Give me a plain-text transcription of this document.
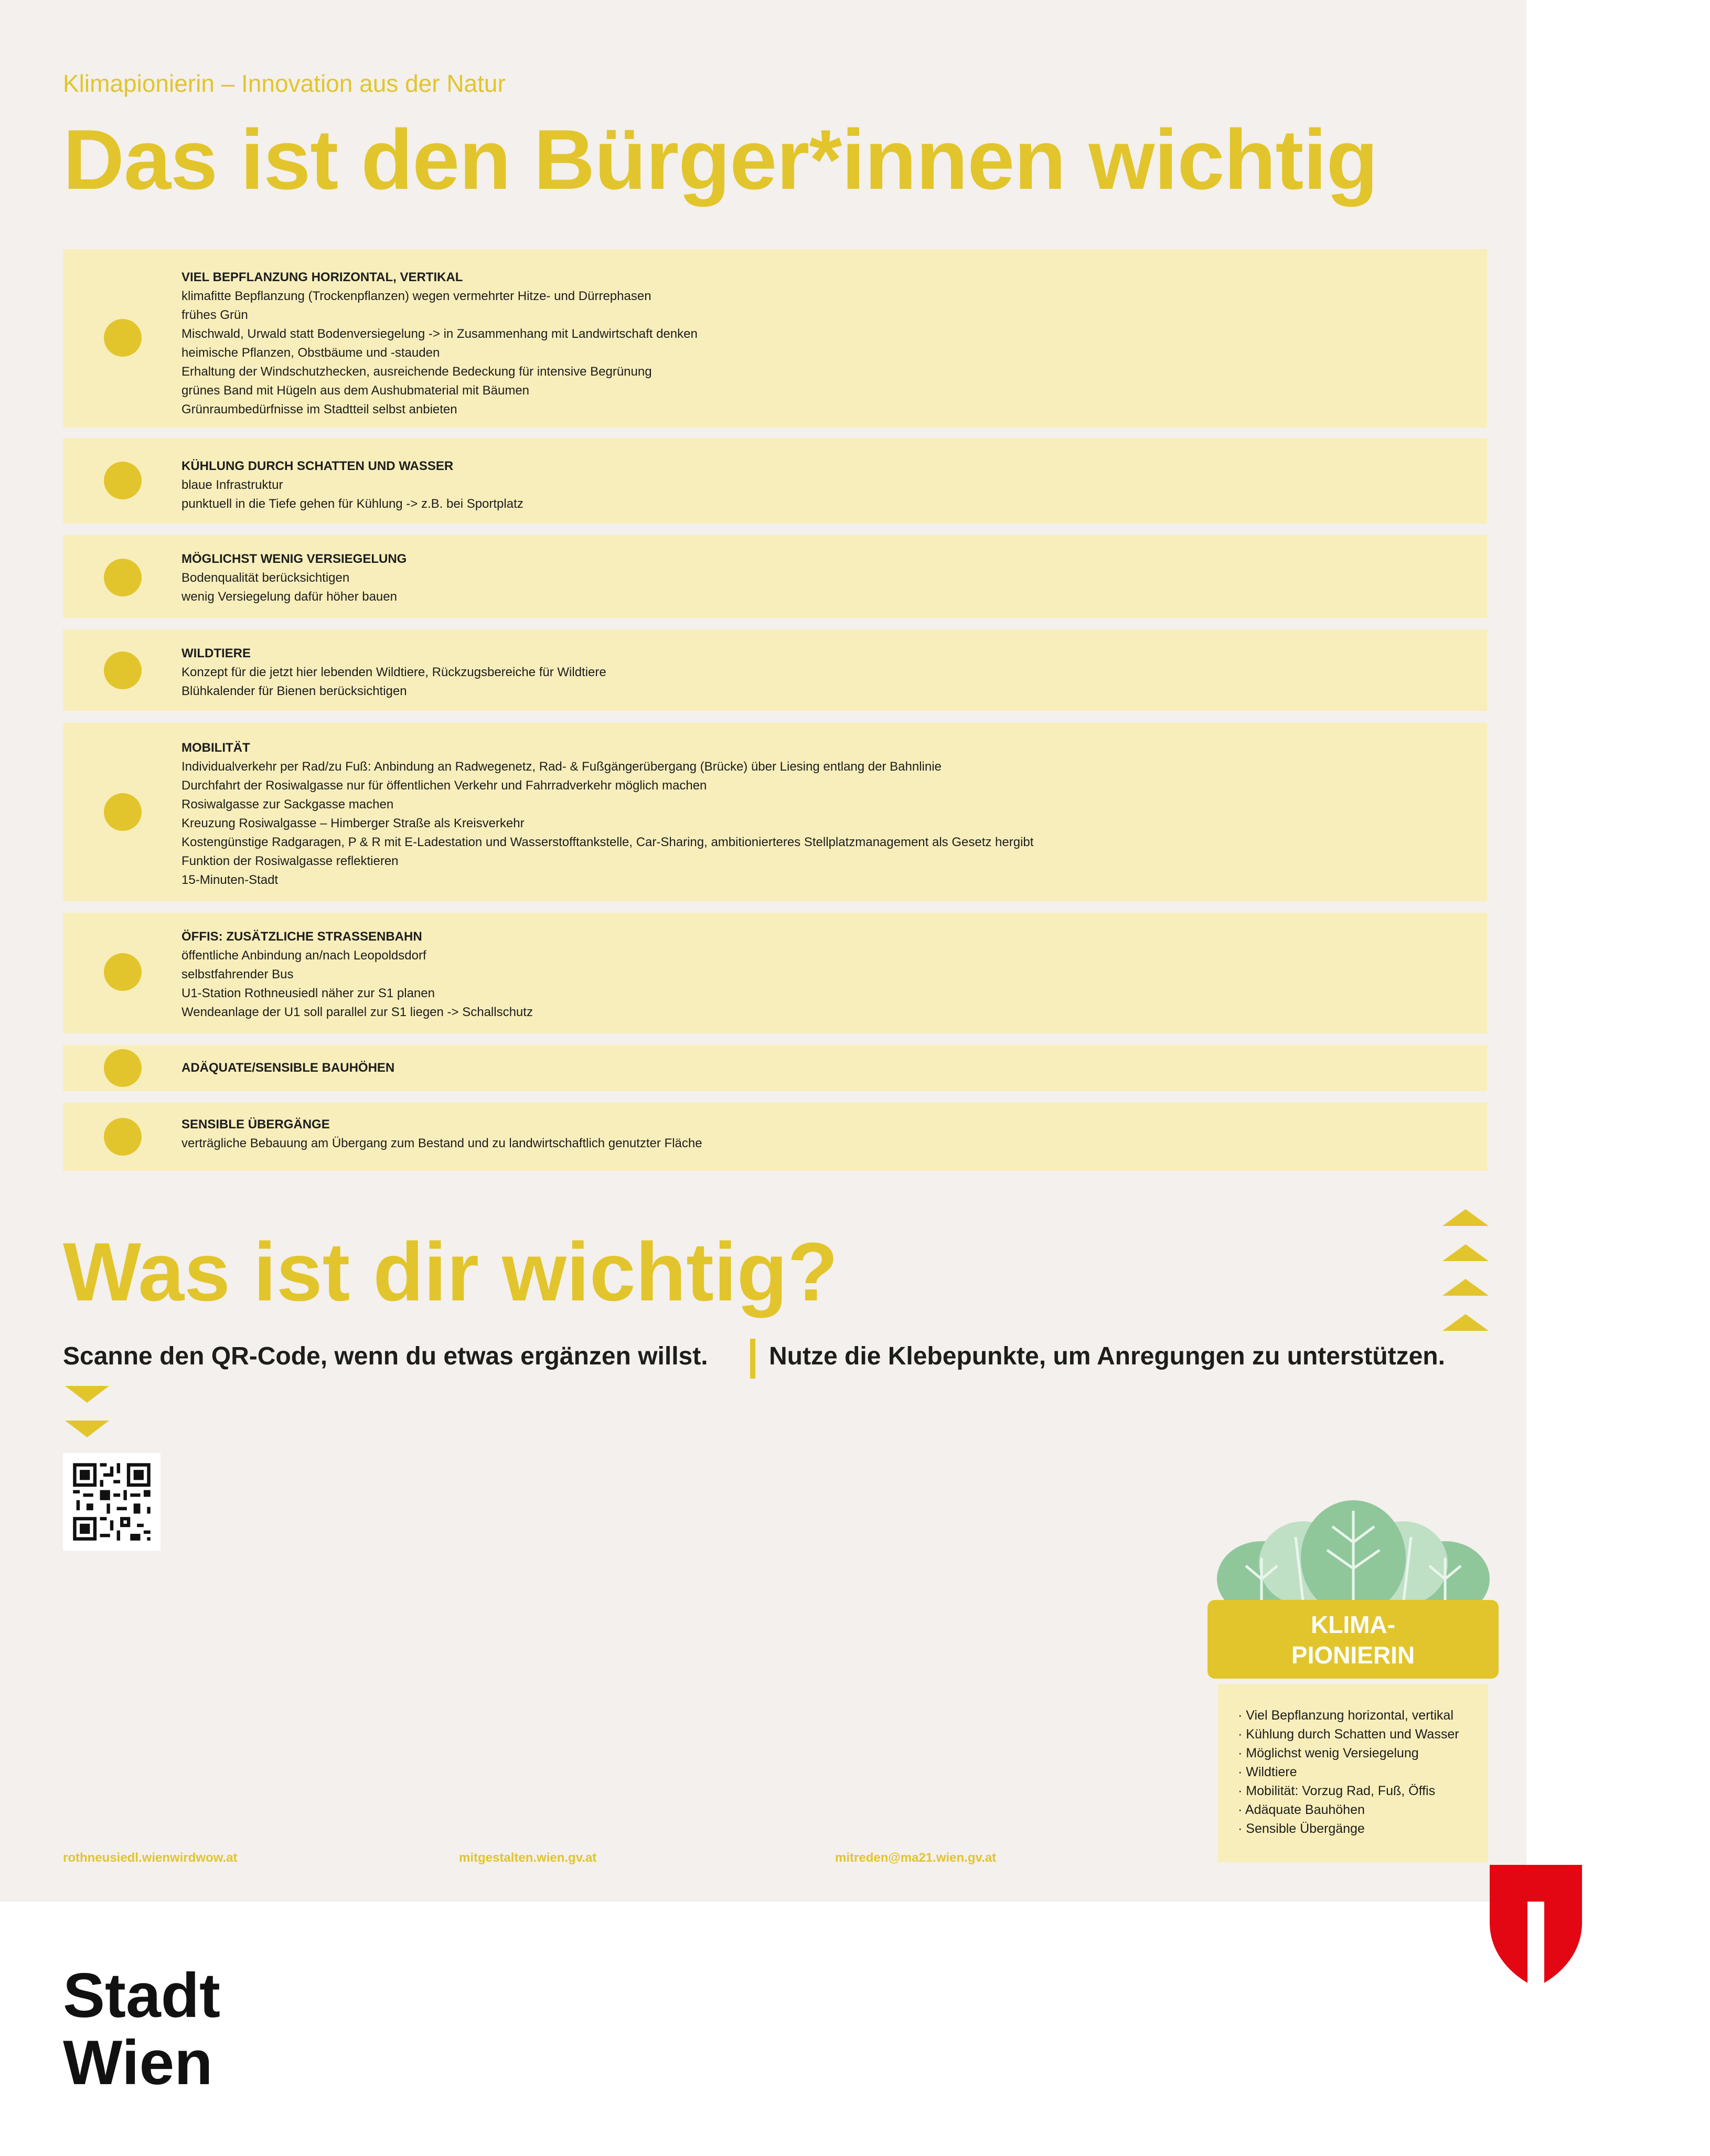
Klimapionierin – Innovation aus der Natur
Das ist den Bürger*innen wichtig
VIEL BEPFLANZUNG HORIZONTAL, VERTIKAL
klimafitte Bepflanzung (Trockenpflanzen) wegen vermehrter Hitze- und Dürrephasen
frühes Grün
Mischwald, Urwald statt Bodenversiegelung -> in Zusammenhang mit Landwirtschaft denken
heimische Pflanzen, Obstbäume und -stauden
Erhaltung der Windschutzhecken, ausreichende Bedeckung für intensive Begrünung
grünes Band mit Hügeln aus dem Aushubmaterial mit Bäumen
Grünraumbedürfnisse im Stadtteil selbst anbieten
KÜHLUNG DURCH SCHATTEN UND WASSER
blaue Infrastruktur
punktuell in die Tiefe gehen für Kühlung -> z.B. bei Sportplatz
MÖGLICHST WENIG VERSIEGELUNG
Bodenqualität berücksichtigen
wenig Versiegelung dafür höher bauen
WILDTIERE
Konzept für die jetzt hier lebenden Wildtiere, Rückzugsbereiche für Wildtiere
Blühkalender für Bienen berücksichtigen
MOBILITÄT
Individualverkehr per Rad/zu Fuß: Anbindung an Radwegenetz, Rad- & Fußgängerübergang (Brücke) über Liesing entlang der Bahnlinie
Durchfahrt der Rosiwalgasse nur für öffentlichen Verkehr und Fahrradverkehr möglich machen
Rosiwalgasse zur Sackgasse machen
Kreuzung Rosiwalgasse – Himberger Straße als Kreisverkehr
Kostengünstige Radgaragen, P & R mit E-Ladestation und Wasserstofftankstelle, Car-Sharing, ambitionierteres Stellplatzmanagement als Gesetz hergibt
Funktion der Rosiwalgasse reflektieren
15-Minuten-Stadt
ÖFFIS: ZUSÄTZLICHE STRASSENBAHN
öffentliche Anbindung an/nach Leopoldsdorf
selbstfahrender Bus
U1-Station Rothneusiedl näher zur S1 planen
Wendeanlage der U1 soll parallel zur S1 liegen -> Schallschutz
ADÄQUATE/SENSIBLE BAUHÖHEN
SENSIBLE ÜBERGÄNGE
verträgliche Bebauung am Übergang zum Bestand und zu landwirtschaftlich genutzter Fläche
Was ist dir wichtig?
Scanne den QR-Code, wenn du etwas ergänzen willst. Nutze die Klebepunkte, um Anregungen zu unterstützen.
KLIMA-
PIONIERIN
· Viel Bepflanzung horizontal, vertikal
· Kühlung durch Schatten und Wasser
· Möglichst wenig Versiegelung
· Wildtiere
· Mobilität: Vorzug Rad, Fuß, Öffis
· Adäquate Bauhöhen
· Sensible Übergänge
rothneusiedl.wienwirdwow.at	mitgestalten.wien.gv.at	mitreden@ma21.wien.gv.at
Stadt
Wien
